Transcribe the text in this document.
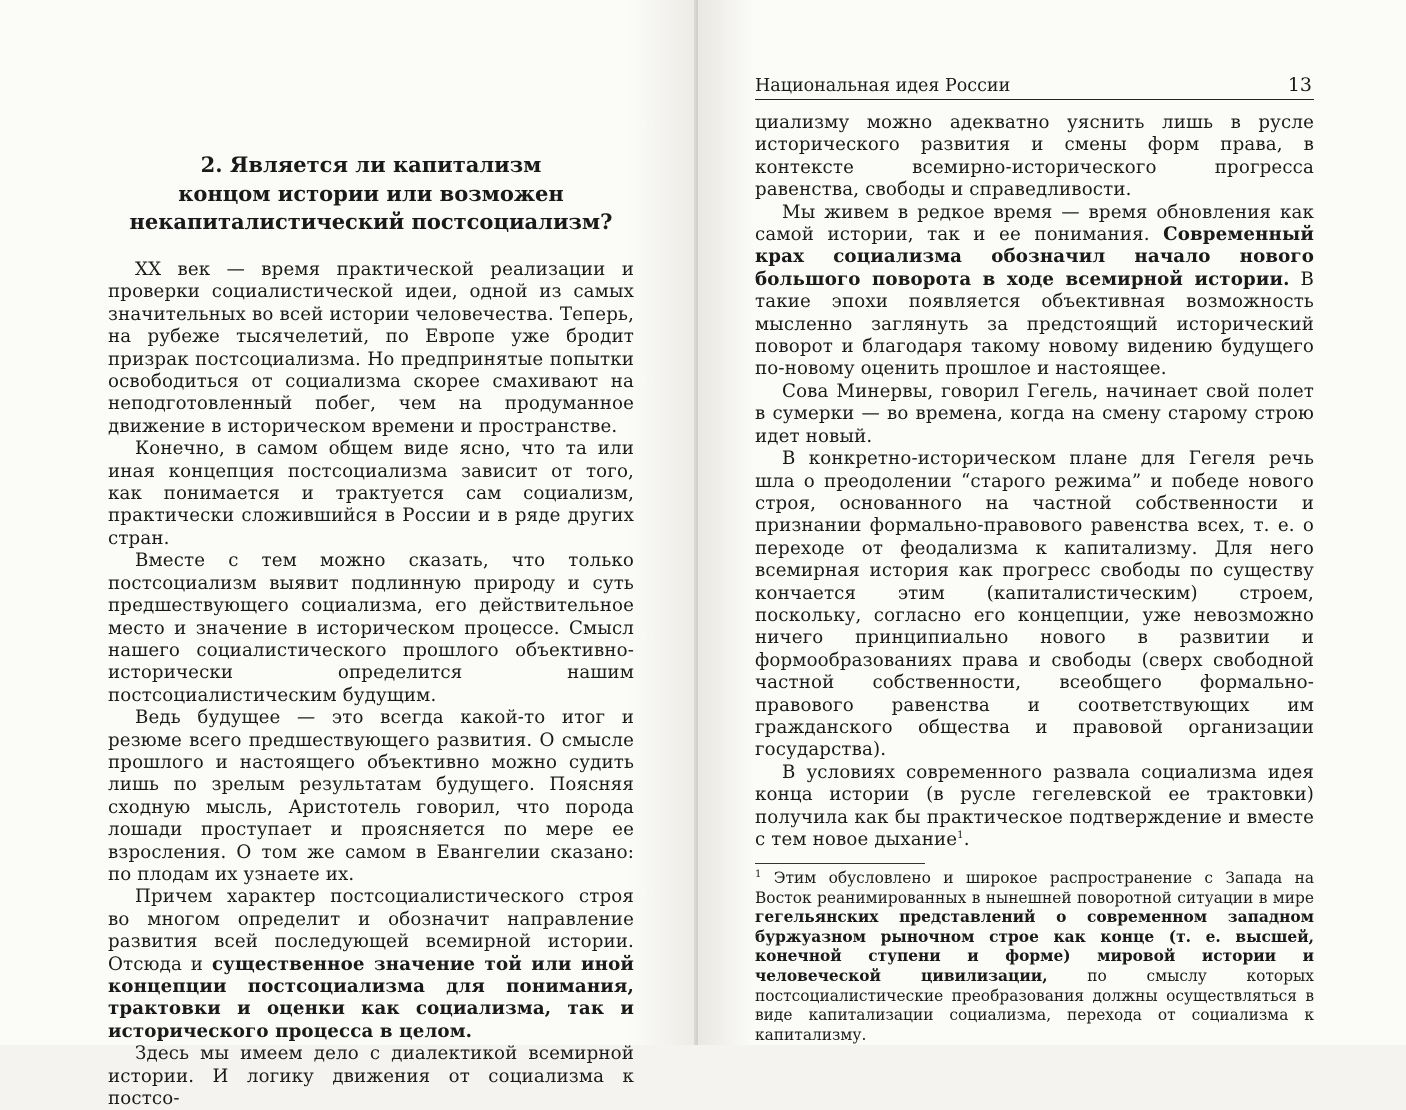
2. Является ли капитализм
концом истории или возможен
некапиталистический постсоциализм?

XX век — время практической реализации и проверки социалистической идеи, одной из самых значительных во всей истории человечества. Теперь, на рубеже тысячелетий, по Европе уже бродит призрак постсоциализма. Но предпринятые попытки освободиться от социализма скорее смахивают на неподготовленный побег, чем на продуманное движение в историческом времени и пространстве.

Конечно, в самом общем виде ясно, что та или иная концепция постсоциализма зависит от того, как понимается и трактуется сам социализм, практически сложившийся в России и в ряде других стран.

Вместе с тем можно сказать, что только постсоциализм выявит подлинную природу и суть предшествующего социализма, его действительное место и значение в историческом процессе. Смысл нашего социалистического прошлого объективно-исторически определится нашим постсоциалистическим будущим.

Ведь будущее — это всегда какой-то итог и резюме всего предшествующего развития. О смысле прошлого и настоящего объективно можно судить лишь по зрелым результатам будущего. Поясняя сходную мысль, Аристотель говорил, что порода лошади проступает и проясняется по мере ее взросления. О том же самом в Евангелии сказано: по плодам их узнаете их.

Причем характер постсоциалистического строя во многом определит и обозначит направление развития всей последующей всемирной истории. Отсюда и существенное значение той или иной концепции постсоциализма для понимания, трактовки и оценки как социализма, так и исторического процесса в целом.

Здесь мы имеем дело с диалектикой всемирной истории. И логику движения от социализма к постсо-

Национальная идея России	13

циализму можно адекватно уяснить лишь в русле исторического развития и смены форм права, в контексте всемирно-исторического прогресса равенства, свободы и справедливости.

Мы живем в редкое время — время обновления как самой истории, так и ее понимания. Современный крах социализма обозначил начало нового большого поворота в ходе всемирной истории. В такие эпохи появляется объективная возможность мысленно заглянуть за предстоящий исторический поворот и благодаря такому новому видению будущего по-новому оценить прошлое и настоящее.

Сова Минервы, говорил Гегель, начинает свой полет в сумерки — во времена, когда на смену старому строю идет новый.

В конкретно-историческом плане для Гегеля речь шла о преодолении “старого режима” и победе нового строя, основанного на частной собственности и признании формально-правового равенства всех, т. е. о переходе от феодализма к капитализму. Для него всемирная история как прогресс свободы по существу кончается этим (капиталистическим) строем, поскольку, согласно его концепции, уже невозможно ничего принципиально нового в развитии и формообразованиях права и свободы (сверх свободной частной собственности, всеобщего формально-правового равенства и соответствующих им гражданского общества и правовой организации государства).

В условиях современного развала социализма идея конца истории (в русле гегелевской ее трактовки) получила как бы практическое подтверждение и вместе с тем новое дыхание$^1$.

$^1$ Этим обусловлено и широкое распространение с Запада на Восток реанимированных в нынешней поворотной ситуации в мире гегельянских представлений о современном западном буржуазном рыночном строе как конце (т. е. высшей, конечной ступени и форме) мировой истории и человеческой цивилизации, по смыслу которых постсоциалистические преобразования должны осуществляться в виде капитализации социализма, перехода от социализма к капитализму.
